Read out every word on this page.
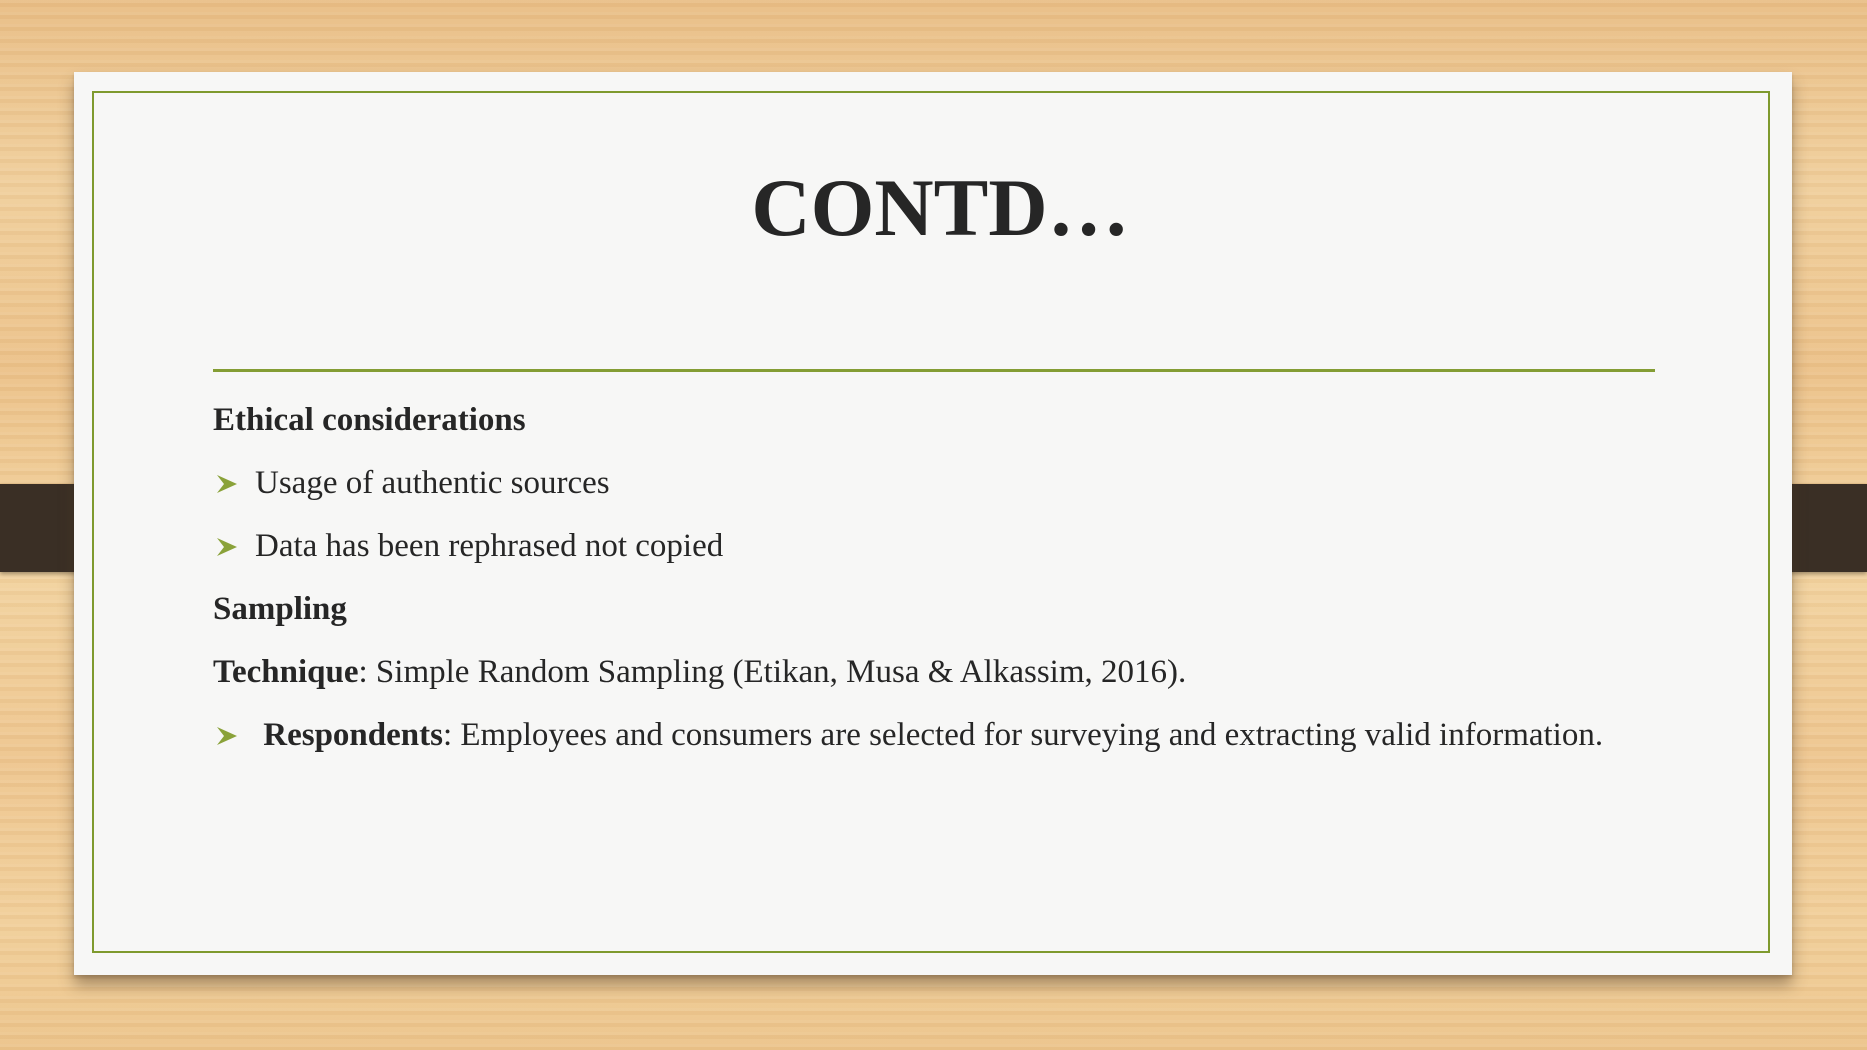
CONTD…
Ethical considerations
Usage of authentic sources
Data has been rephrased not copied
Sampling
Technique: Simple Random Sampling (Etikan, Musa & Alkassim, 2016).
Respondents: Employees and consumers are selected for surveying and extracting valid information.
